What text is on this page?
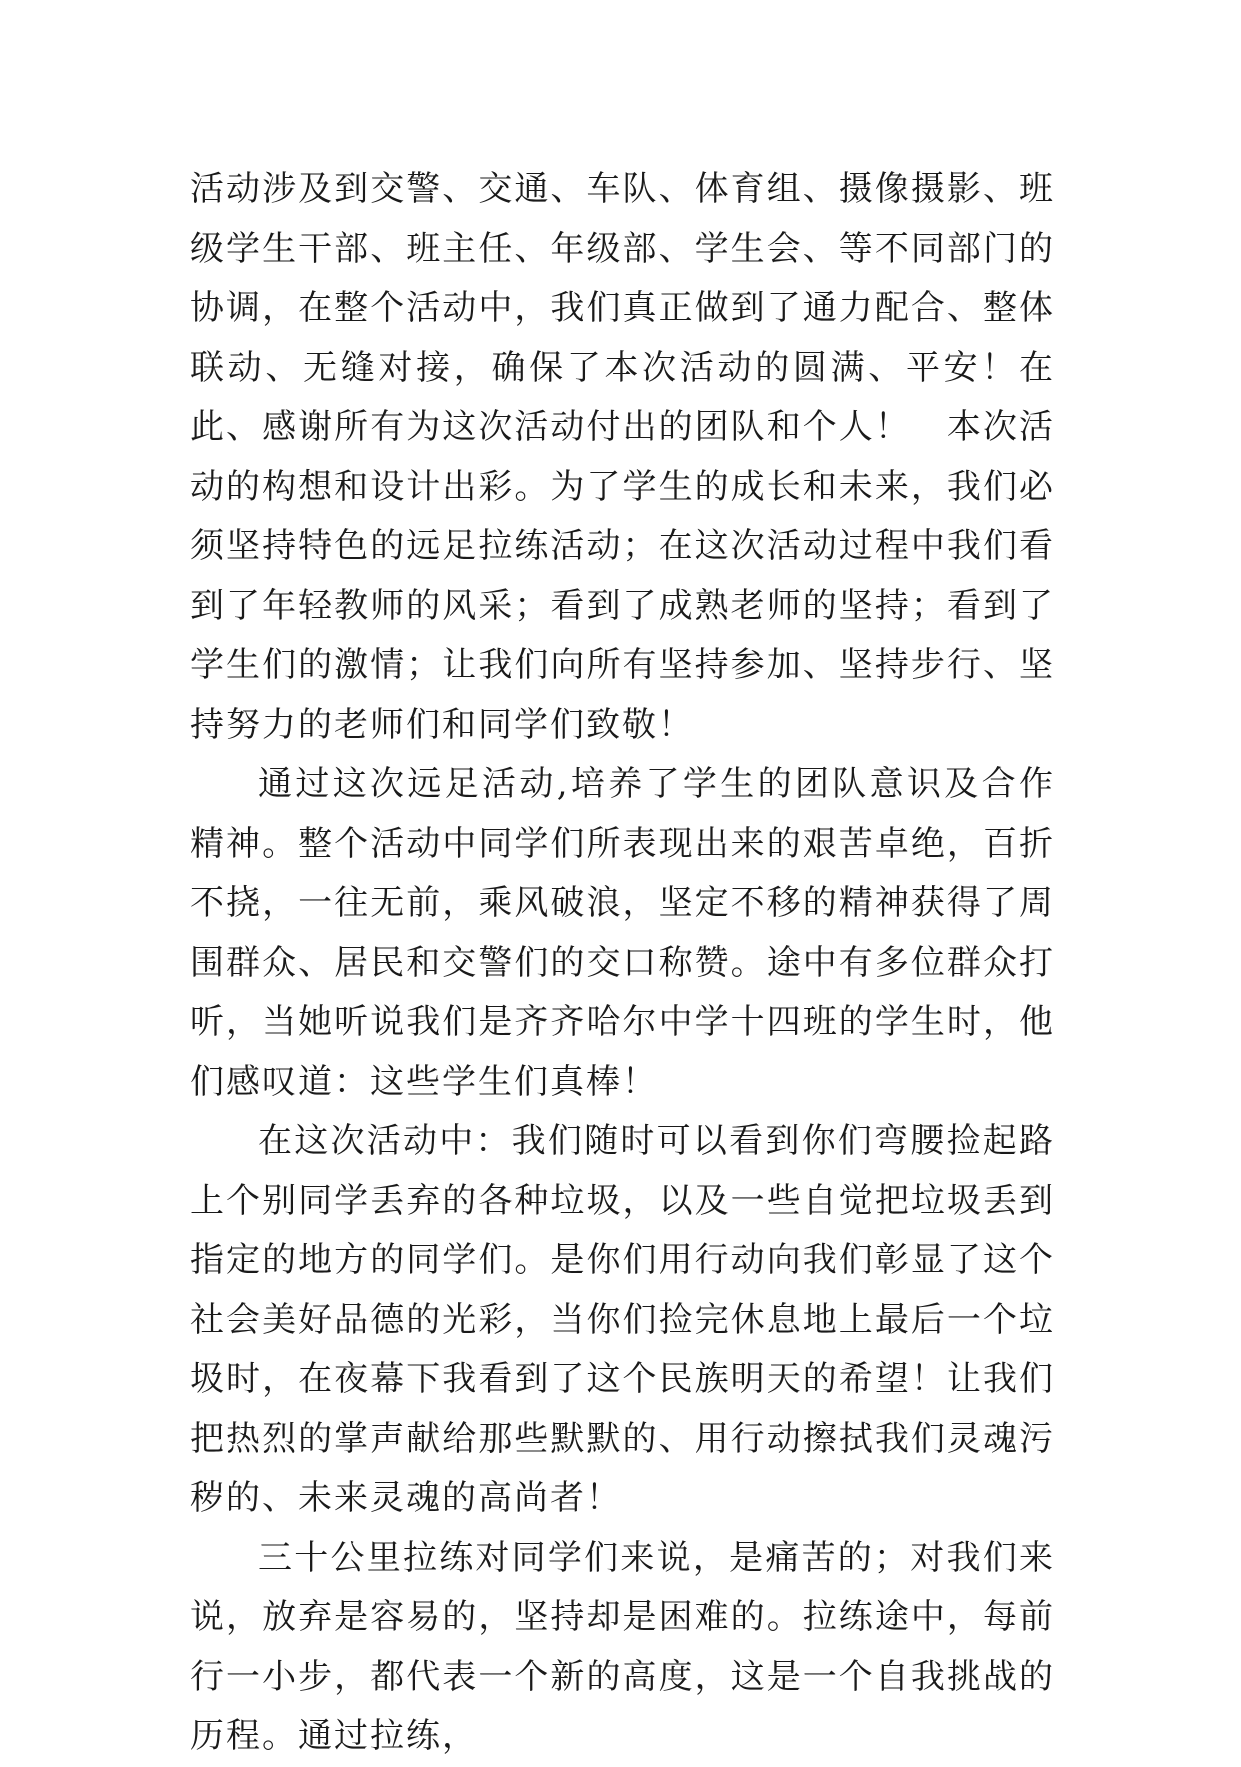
活动涉及到交警、交通、车队、体育组、摄像摄影、班级学生干部、班主任、年级部、学生会、等不同部门的协调，在整个活动中，我们真正做到了通力配合、整体联动、无缝对接，确保了本次活动的圆满、平安！在此、感谢所有为这次活动付出的团队和个人！　本次活动的构想和设计出彩。为了学生的成长和未来，我们必须坚持特色的远足拉练活动；在这次活动过程中我们看到了年轻教师的风采；看到了成熟老师的坚持；看到了学生们的激情；让我们向所有坚持参加、坚持步行、坚持努力的老师们和同学们致敬！

通过这次远足活动,培养了学生的团队意识及合作精神。整个活动中同学们所表现出来的艰苦卓绝，百折不挠，一往无前，乘风破浪，坚定不移的精神获得了周围群众、居民和交警们的交口称赞。途中有多位群众打听，当她听说我们是齐齐哈尔中学十四班的学生时，他们感叹道：这些学生们真棒！

在这次活动中：我们随时可以看到你们弯腰捡起路上个别同学丢弃的各种垃圾，以及一些自觉把垃圾丢到指定的地方的同学们。是你们用行动向我们彰显了这个社会美好品德的光彩，当你们捡完休息地上最后一个垃圾时，在夜幕下我看到了这个民族明天的希望！让我们把热烈的掌声献给那些默默的、用行动擦拭我们灵魂污秽的、未来灵魂的高尚者！

三十公里拉练对同学们来说，是痛苦的；对我们来说，放弃是容易的，坚持却是困难的。拉练途中，每前行一小步，都代表一个新的高度，这是一个自我挑战的历程。通过拉练，
